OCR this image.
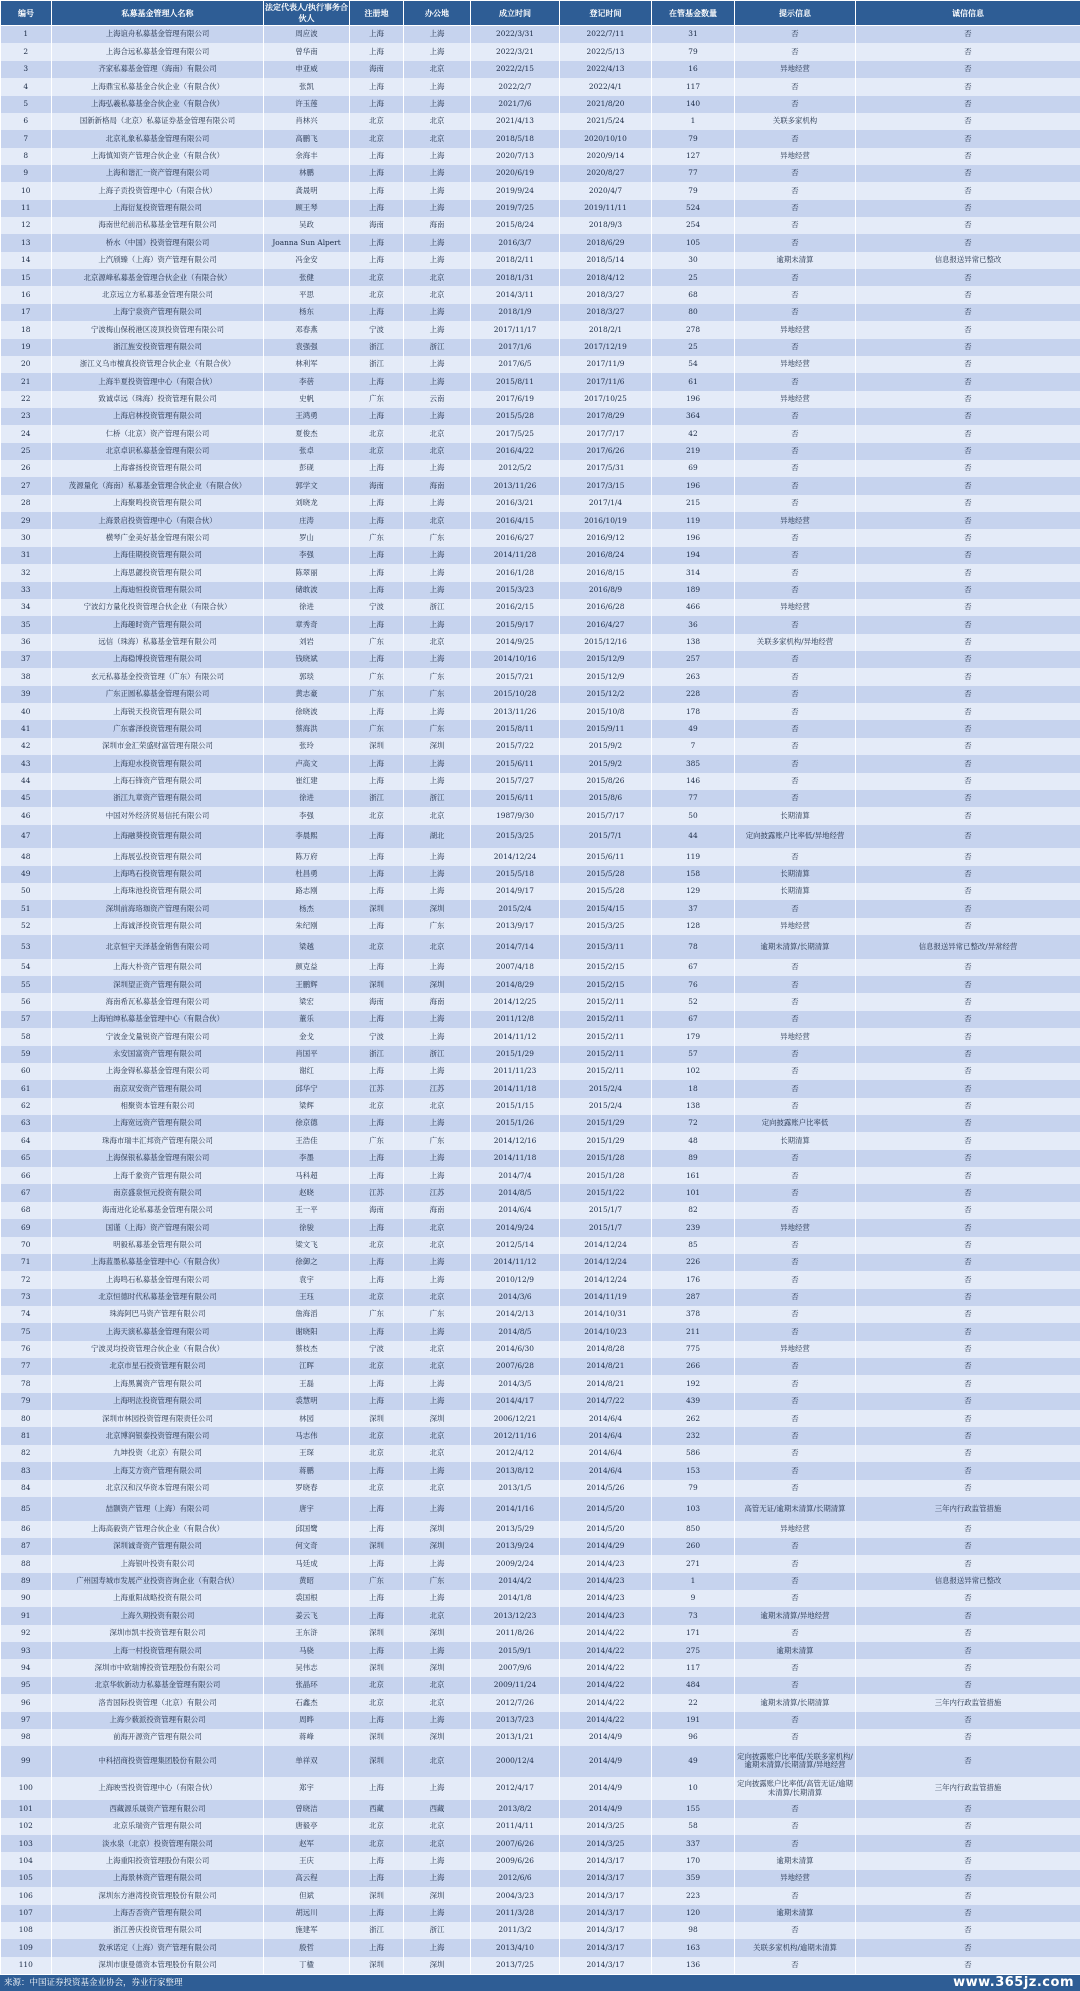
编号	私募基金管理人名称	法定代表人/执行事务合伙人	注册地	办公地	成立时间	登记时间	在管基金数量	提示信息	诚信信息
1	上海谊舟私募基金管理有限公司	周应波	上海	上海	2022/3/31	2022/7/11	31	否	否
2	上海合远私募基金管理有限公司	曾华南	上海	上海	2022/3/21	2022/5/13	79	否	否
3	齐家私募基金管理（海南）有限公司	申亚威	海南	北京	2022/2/15	2022/4/13	16	异地经营	否
4	上海鼎宝私募基金合伙企业（有限合伙）	张凯	上海	上海	2022/2/7	2022/4/1	117	否	否
5	上海弘羲私募基金合伙企业（有限合伙）	许玉莲	上海	上海	2021/7/6	2021/8/20	140	否	否
6	国新新格局（北京）私募证券基金管理有限公司	肖林兴	北京	北京	2021/4/13	2021/5/24	1	关联多家机构	否
7	北京礼象私募基金管理有限公司	高鹏飞	北京	北京	2018/5/18	2020/10/10	79	否	否
8	上海慎知资产管理合伙企业（有限合伙）	余海丰	上海	上海	2020/7/13	2020/9/14	127	异地经营	否
9	上海和谐汇一资产管理有限公司	林鹏	上海	上海	2020/6/19	2020/8/27	77	否	否
10	上海子贡投资管理中心（有限合伙）	龚晟明	上海	上海	2019/9/24	2020/4/7	79	否	否
11	上海衍复投资管理有限公司	顾王琴	上海	上海	2019/7/25	2019/11/11	524	否	否
12	海南世纪前沿私募基金管理有限公司	吴政	海南	海南	2015/8/24	2018/9/3	254	否	否
13	桥水（中国）投资管理有限公司	Joanna Sun Alpert	上海	上海	2016/3/7	2018/6/29	105	否	否
14	上汽颀臻（上海）资产管理有限公司	冯金安	上海	上海	2018/2/11	2018/5/14	30	逾期未清算	信息报送异常已整改
15	北京源峰私募基金管理合伙企业（有限合伙）	张健	北京	北京	2018/1/31	2018/4/12	25	否	否
16	北京远立方私募基金管理有限公司	平思	北京	北京	2014/3/11	2018/3/27	68	否	否
17	上海宁泉资产管理有限公司	杨东	上海	上海	2018/1/9	2018/3/27	80	否	否
18	宁波梅山保税港区凌顶投资管理有限公司	邓春燕	宁波	上海	2017/11/17	2018/2/1	278	异地经营	否
19	浙江旌安投资管理有限公司	袁强强	浙江	浙江	2017/1/6	2017/12/19	25	否	否
20	浙江义乌市檀真投资管理合伙企业（有限合伙）	林利军	浙江	上海	2017/6/5	2017/11/9	54	异地经营	否
21	上海半夏投资管理中心（有限合伙）	李蓓	上海	上海	2015/8/11	2017/11/6	61	否	否
22	致诚卓远（珠海）投资管理有限公司	史帆	广东	云南	2017/6/19	2017/10/25	196	异地经营	否
23	上海启林投资管理有限公司	王鸿勇	上海	上海	2015/5/28	2017/8/29	364	否	否
24	仁桥（北京）资产管理有限公司	夏俊杰	北京	北京	2017/5/25	2017/7/17	42	否	否
25	北京卓识私募基金管理有限公司	张卓	北京	北京	2016/4/22	2017/6/26	219	否	否
26	上海睿扬投资管理有限公司	彭砚	上海	上海	2012/5/2	2017/5/31	69	否	否
27	茂源量化（海南）私募基金管理合伙企业（有限合伙）	郭学文	海南	海南	2013/11/26	2017/3/15	196	否	否
28	上海聚鸣投资管理有限公司	刘晓龙	上海	上海	2016/3/21	2017/1/4	215	否	否
29	上海景启投资管理中心（有限合伙）	庄涛	上海	北京	2016/4/15	2016/10/19	119	异地经营	否
30	横琴广金美好基金管理有限公司	罗山	广东	广东	2016/6/27	2016/9/12	196	否	否
31	上海佳期投资管理有限公司	李强	上海	上海	2014/11/28	2016/8/24	194	否	否
32	上海思勰投资管理有限公司	陈翠丽	上海	上海	2016/1/28	2016/8/15	314	否	否
33	上海迪恒投资管理有限公司	储敢波	上海	上海	2015/3/23	2016/8/9	189	否	否
34	宁波幻方量化投资管理合伙企业（有限合伙）	徐进	宁波	浙江	2016/2/15	2016/6/28	466	异地经营	否
35	上海趣时资产管理有限公司	章秀奇	上海	上海	2015/9/17	2016/4/27	36	否	否
36	远信（珠海）私募基金管理有限公司	刘岩	广东	北京	2014/9/25	2015/12/16	138	关联多家机构/异地经营	否
37	上海稳博投资管理有限公司	钱晓斌	上海	上海	2014/10/16	2015/12/9	257	否	否
38	玄元私募基金投资管理（广东）有限公司	郭琰	广东	广东	2015/7/21	2015/12/9	263	否	否
39	广东正圆私募基金管理有限公司	黄志豪	广东	广东	2015/10/28	2015/12/2	228	否	否
40	上海锐天投资管理有限公司	徐晓波	上海	上海	2013/11/26	2015/10/8	178	否	否
41	广东睿泽投资管理有限公司	蔡海洪	广东	广东	2015/8/11	2015/9/11	49	否	否
42	深圳市金汇荣盛财富管理有限公司	张玲	深圳	深圳	2015/7/22	2015/9/2	7	否	否
43	上海迎水投资管理有限公司	卢高文	上海	上海	2015/6/11	2015/9/2	385	否	否
44	上海石锋资产管理有限公司	崔红建	上海	上海	2015/7/27	2015/8/26	146	否	否
45	浙江九章资产管理有限公司	徐进	浙江	浙江	2015/6/11	2015/8/6	77	否	否
46	中国对外经济贸易信托有限公司	李强	北京	北京	1987/9/30	2015/7/17	50	长期清算	否
47	上海融葵投资管理有限公司	李晨熙	上海	湖北	2015/3/25	2015/7/1	44	定向披露账户比率低/异地经营	否
48	上海展弘投资管理有限公司	陈万府	上海	上海	2014/12/24	2015/6/11	119	否	否
49	上海鸣石投资管理有限公司	杜昌勇	上海	上海	2015/5/18	2015/5/28	158	长期清算	否
50	上海珠池投资管理有限公司	路志刚	上海	上海	2014/9/17	2015/5/28	129	长期清算	否
51	深圳前海珞珈资产管理有限公司	杨杰	深圳	深圳	2015/2/4	2015/4/15	37	否	否
52	上海诚泽投资管理有限公司	朱纪刚	上海	广东	2013/9/17	2015/3/25	128	异地经营	否
53	北京恒宇天泽基金销售有限公司	梁越	北京	北京	2014/7/14	2015/3/11	78	逾期未清算/长期清算	信息报送异常已整改/异常经营
54	上海大朴资产管理有限公司	颜克益	上海	上海	2007/4/18	2015/2/15	67	否	否
55	深圳望正资产管理有限公司	王鹏辉	深圳	深圳	2014/8/29	2015/2/15	76	否	否
56	海南希瓦私募基金管理有限公司	梁宏	海南	海南	2014/12/25	2015/2/11	52	否	否
57	上海铂绅私募基金管理中心（有限合伙）	董乐	上海	上海	2011/12/8	2015/2/11	67	否	否
58	宁波金戈量锐资产管理有限公司	金戈	宁波	上海	2014/11/12	2015/2/11	179	异地经营	否
59	永安国富资产管理有限公司	肖国平	浙江	浙江	2015/1/29	2015/2/11	57	否	否
60	上海金锝私募基金管理有限公司	谢红	上海	上海	2011/11/23	2015/2/11	102	否	否
61	南京双安资产管理有限公司	邱华宁	江苏	江苏	2014/11/18	2015/2/4	18	否	否
62	相聚资本管理有限公司	梁辉	北京	北京	2015/1/15	2015/2/4	138	否	否
63	上海宽远资产管理有限公司	徐京德	上海	上海	2015/1/26	2015/1/29	72	定向披露账户比率低	否
64	珠海市瑞丰汇邦资产管理有限公司	王浩佳	广东	广东	2014/12/16	2015/1/29	48	长期清算	否
65	上海保银私募基金管理有限公司	李墨	上海	上海	2014/11/18	2015/1/28	89	否	否
66	上海千象资产管理有限公司	马科超	上海	上海	2014/7/4	2015/1/28	161	否	否
67	南京盛泉恒元投资有限公司	赵晓	江苏	江苏	2014/8/5	2015/1/22	101	否	否
68	海南进化论私募基金管理有限公司	王一平	海南	海南	2014/6/4	2015/1/7	82	否	否
69	国谨（上海）资产管理有限公司	徐骏	上海	北京	2014/9/24	2015/1/7	239	异地经营	否
70	明毅私募基金管理有限公司	梁文飞	北京	北京	2012/5/14	2014/12/24	85	否	否
71	上海蓝墨私募基金管理中心（有限合伙）	徐御之	上海	上海	2014/11/12	2014/12/24	226	否	否
72	上海鸣石私募基金管理有限公司	袁宇	上海	上海	2010/12/9	2014/12/24	176	否	否
73	北京恒德时代私募基金管理有限公司	王珏	北京	北京	2014/3/6	2014/11/19	287	否	否
74	珠海阿巴马资产管理有限公司	詹海滔	广东	广东	2014/2/13	2014/10/31	378	否	否
75	上海天演私募基金管理有限公司	谢晓阳	上海	上海	2014/8/5	2014/10/23	211	否	否
76	宁波灵均投资管理合伙企业（有限合伙）	蔡枝杰	宁波	北京	2014/6/30	2014/8/28	775	异地经营	否
77	北京市星石投资管理有限公司	江晖	北京	北京	2007/6/28	2014/8/21	266	否	否
78	上海黑翼资产管理有限公司	王磊	上海	上海	2014/3/5	2014/8/21	192	否	否
79	上海明汯投资管理有限公司	裘慧明	上海	上海	2014/4/17	2014/7/22	439	否	否
80	深圳市林园投资管理有限责任公司	林园	深圳	深圳	2006/12/21	2014/6/4	262	否	否
81	北京博润银泰投资管理有限公司	马志伟	北京	北京	2012/11/16	2014/6/4	232	否	否
82	九坤投资（北京）有限公司	王琛	北京	北京	2012/4/12	2014/6/4	586	否	否
83	上海艾方资产管理有限公司	蒋鹏	上海	上海	2013/8/12	2014/6/4	153	否	否
84	北京汉和汉华资本管理有限公司	罗晓春	北京	北京	2013/1/5	2014/5/26	79	否	否
85	喆颢资产管理（上海）有限公司	唐宇	上海	上海	2014/1/16	2014/5/20	103	高管无证/逾期未清算/长期清算	三年内行政监管措施
86	上海高毅资产管理合伙企业（有限合伙）	邱国鹭	上海	深圳	2013/5/29	2014/5/20	850	异地经营	否
87	深圳诚奇资产管理有限公司	何文奇	深圳	深圳	2013/9/24	2014/4/29	260	否	否
88	上海银叶投资有限公司	马廷成	上海	上海	2009/2/24	2014/4/23	271	否	否
89	广州国寿城市发展产业投资咨询企业（有限合伙）	黄昭	广东	广东	2014/4/2	2014/4/23	1	否	信息报送异常已整改
90	上海重阳战略投资有限公司	裘国根	上海	上海	2014/1/8	2014/4/23	9	否	否
91	上海久期投资有限公司	姜云飞	上海	北京	2013/12/23	2014/4/23	73	逾期未清算/异地经营	否
92	深圳市凯丰投资管理有限公司	王东浒	深圳	深圳	2011/8/26	2014/4/22	171	否	否
93	上海一村投资管理有限公司	马骁	上海	上海	2015/9/1	2014/4/22	275	逾期未清算	否
94	深圳市中欧瑞博投资管理股份有限公司	吴伟志	深圳	深圳	2007/9/6	2014/4/22	117	否	否
95	北京华软新动力私募基金管理有限公司	张晶环	北京	北京	2009/11/24	2014/4/22	484	否	否
96	洛肯国际投资管理（北京）有限公司	石鑫杰	北京	北京	2012/7/26	2014/4/22	22	逾期未清算/长期清算	三年内行政监管措施
97	上海少薮派投资管理有限公司	周晔	上海	上海	2013/7/23	2014/4/22	191	否	否
98	前海开源资产管理有限公司	蒋峰	深圳	深圳	2013/1/21	2014/4/9	96	否	否
99	中科招商投资管理集团股份有限公司	单祥双	深圳	北京	2000/12/4	2014/4/9	49	定向披露账户比率低/关联多家机构/逾期未清算/长期清算/异地经营	否
100	上海映雪投资管理中心（有限合伙）	郑宇	上海	上海	2012/4/17	2014/4/9	10	定向披露账户比率低/高管无证/逾期未清算/长期清算	三年内行政监管措施
101	西藏源乐晟资产管理有限公司	曾晓洁	西藏	西藏	2013/8/2	2014/4/9	155	否	否
102	北京乐瑞资产管理有限公司	唐毅亭	北京	北京	2011/4/11	2014/3/25	58	否	否
103	淡水泉（北京）投资管理有限公司	赵军	北京	北京	2007/6/26	2014/3/25	337	否	否
104	上海重阳投资管理股份有限公司	王庆	上海	上海	2009/6/26	2014/3/17	170	逾期未清算	否
105	上海景林资产管理有限公司	高云程	上海	上海	2012/6/6	2014/3/17	359	异地经营	否
106	深圳东方港湾投资管理股份有限公司	但斌	深圳	深圳	2004/3/23	2014/3/17	223	否	否
107	上海否否资产管理有限公司	胡远川	上海	上海	2011/3/28	2014/3/17	120	逾期未清算	否
108	浙江善庆投资管理有限公司	施建军	浙江	浙江	2011/3/2	2014/3/17	98	否	否
109	敦承诺定（上海）资产管理有限公司	殷哲	上海	上海	2013/4/10	2014/3/17	163	关联多家机构/逾期未清算	否
110	深圳市康曼德资本管理股份有限公司	丁楹	深圳	深圳	2013/7/25	2014/3/17	136	否	否
来源：中国证券投资基金业协会，券业行家整理	www.365jz.com
